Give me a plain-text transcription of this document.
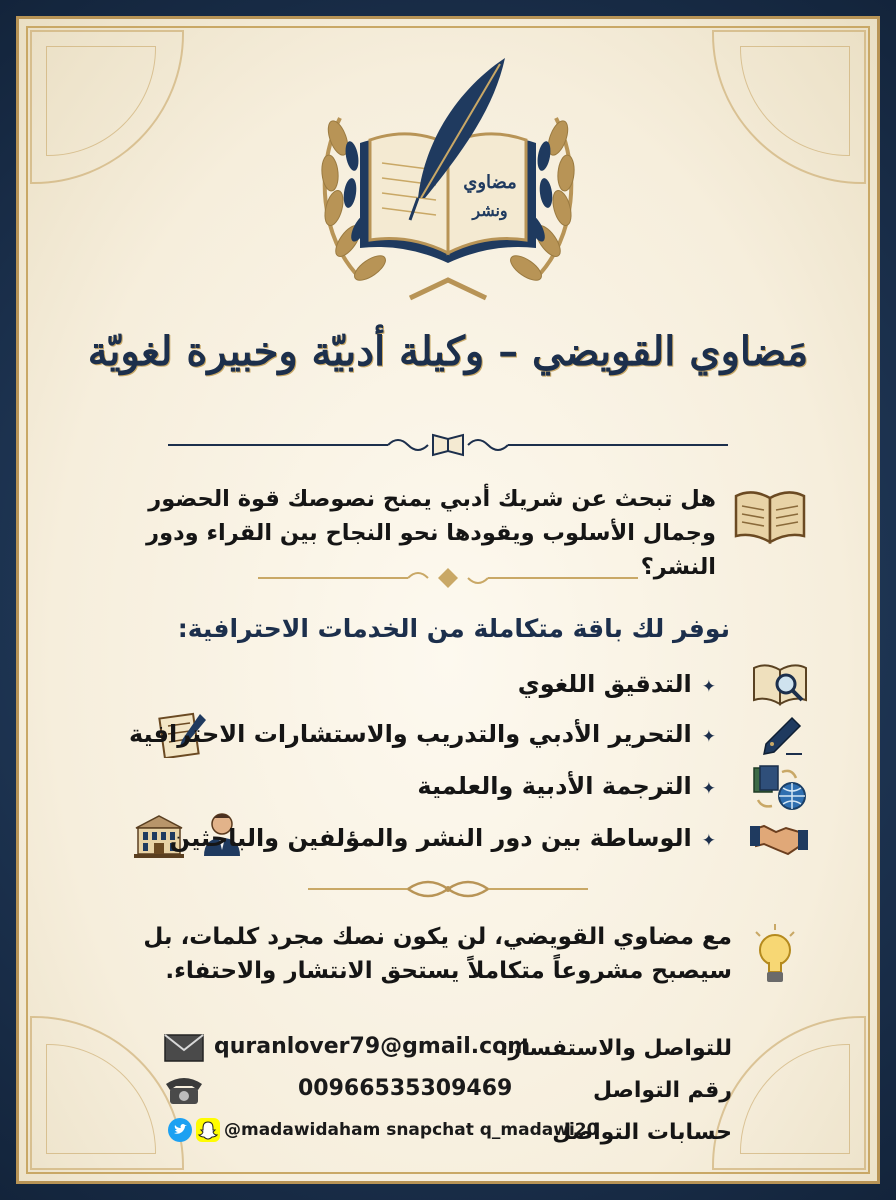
مضاوي
ونشر
مَضاوي القويضي – وكيلة أدبيّة وخبيرة لغويّة
هل تبحث عن شريك أدبي يمنح نصوصك قوة الحضور وجمال الأسلوب ويقودها نحو النجاح بين القراء ودور النشر؟
نوفر لك باقة متكاملة من الخدمات الاحترافية:
✦التدقيق اللغوي
✦التحرير الأدبي والتدريب والاستشارات الاحترافية
✦الترجمة الأدبية والعلمية
✦الوساطة بين دور النشر والمؤلفين والباحثين
مع مضاوي القويضي، لن يكون نصك مجرد كلمات، بل سيصبح مشروعاً متكاملاً يستحق الانتشار والاحتفاء.
للتواصل والاستفسار:
quranlover79@gmail.com
رقم التواصل
00966535309469
حسابات التواصل
@madawidaham snapchat q_madawi20
